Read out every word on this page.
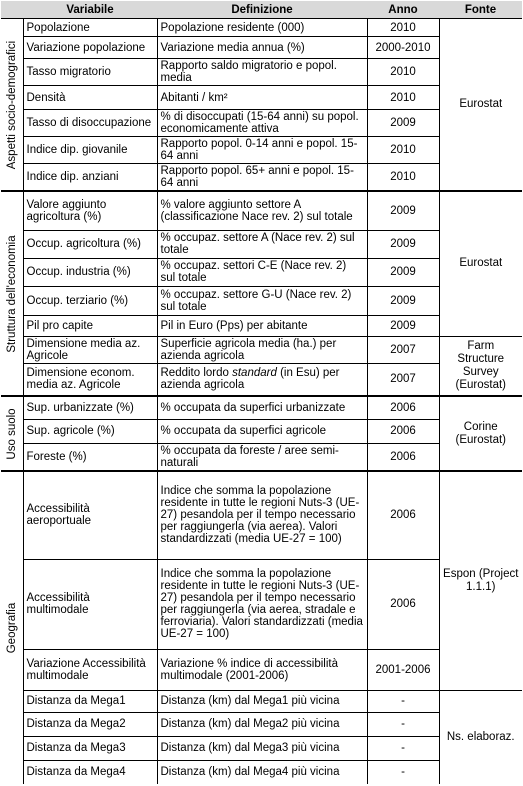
	Variabile	Definizione	Anno	Fonte

Aspetti socio-demografici	Popolazione	Popolazione residente (000)	2010	Eurostat
	Variazione popolazione	Variazione media annua (%)	2000-2010	
	Tasso migratorio	Rapporto saldo migratorio e popol. media	2010	
	Densità	Abitanti / km²	2010	
	Tasso di disoccupazione	% di disoccupati (15-64 anni) su popol. economicamente attiva	2009	
	Indice dip. giovanile	Rapporto popol. 0-14 anni e popol. 15-64 anni	2010	
	Indice dip. anziani	Rapporto popol. 65+ anni e popol. 15-64 anni	2010	

Struttura dell'economia	Valore aggiunto agricoltura (%)	% valore aggiunto settore A (classificazione Nace rev. 2) sul totale	2009	Eurostat
	Occup. agricoltura (%)	% occupaz. settore A (Nace rev. 2) sul totale	2009	
	Occup. industria (%)	% occupaz. settori C-E (Nace rev. 2) sul totale	2009	
	Occup. terziario (%)	% occupaz. settore G-U (Nace rev. 2) sul totale	2009	
	Pil pro capite	Pil in Euro (Pps) per abitante	2009	
	Dimensione media az. Agricole	Superficie agricola media (ha.) per azienda agricola	2007	Farm Structure Survey (Eurostat)
	Dimensione econom. media az. Agricole	Reddito lordo standard (in Esu) per azienda agricola	2007	

Uso suolo	Sup. urbanizzate (%)	% occupata da superfici urbanizzate	2006	Corine (Eurostat)
	Sup. agricole (%)	% occupata da superfici agricole	2006	
	Foreste (%)	% occupata da foreste / aree semi-naturali	2006	

Geografia	Accessibilità aeroportuale	Indice che somma la popolazione residente in tutte le regioni Nuts-3 (UE-27) pesandola per il tempo necessario per raggiungerla (via aerea). Valori standardizzati (media UE-27 = 100)	2006	Espon (Project 1.1.1)
	Accessibilità multimodale	Indice che somma la popolazione residente in tutte le regioni Nuts-3 (UE-27) pesandola per il tempo necessario per raggiungerla (via aerea, stradale e ferroviaria). Valori standardizzati (media UE-27 = 100)	2006	
	Variazione Accessibilità multimodale	Variazione % indice di accessibilità multimodale (2001-2006)	2001-2006	
	Distanza da Mega1	Distanza (km) dal Mega1 più vicina	-	Ns. elaboraz.
	Distanza da Mega2	Distanza (km) dal Mega2 più vicina	-	
	Distanza da Mega3	Distanza (km) dal Mega3 più vicina	-	
	Distanza da Mega4	Distanza (km) dal Mega4 più vicina	-	
